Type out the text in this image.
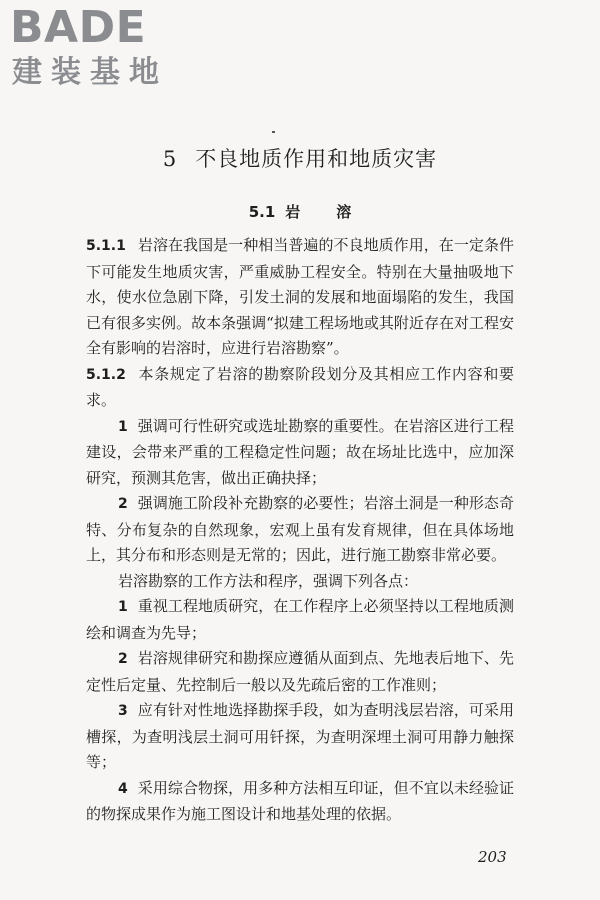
BADE
建装基地
5 不良地质作用和地质灾害
5.1 岩 溶

5.1.1 岩溶在我国是一种相当普遍的不良地质作用，在一定条件下可能发生地质灾害，严重威胁工程安全。特别在大量抽吸地下水，使水位急剧下降，引发土洞的发展和地面塌陷的发生，我国已有很多实例。故本条强调“拟建工程场地或其附近存在对工程安全有影响的岩溶时，应进行岩溶勘察”。

5.1.2 本条规定了岩溶的勘察阶段划分及其相应工作内容和要求。

1 强调可行性研究或选址勘察的重要性。在岩溶区进行工程建设，会带来严重的工程稳定性问题；故在场址比选中，应加深研究，预测其危害，做出正确抉择；

2 强调施工阶段补充勘察的必要性；岩溶土洞是一种形态奇特、分布复杂的自然现象，宏观上虽有发育规律，但在具体场地上，其分布和形态则是无常的；因此，进行施工勘察非常必要。

岩溶勘察的工作方法和程序，强调下列各点：

1 重视工程地质研究，在工作程序上必须坚持以工程地质测绘和调查为先导；

2 岩溶规律研究和勘探应遵循从面到点、先地表后地下、先定性后定量、先控制后一般以及先疏后密的工作准则；

3 应有针对性地选择勘探手段，如为查明浅层岩溶，可采用槽探，为查明浅层土洞可用钎探，为查明深埋土洞可用静力触探等；

4 采用综合物探，用多种方法相互印证，但不宜以未经验证的物探成果作为施工图设计和地基处理的依据。

203
